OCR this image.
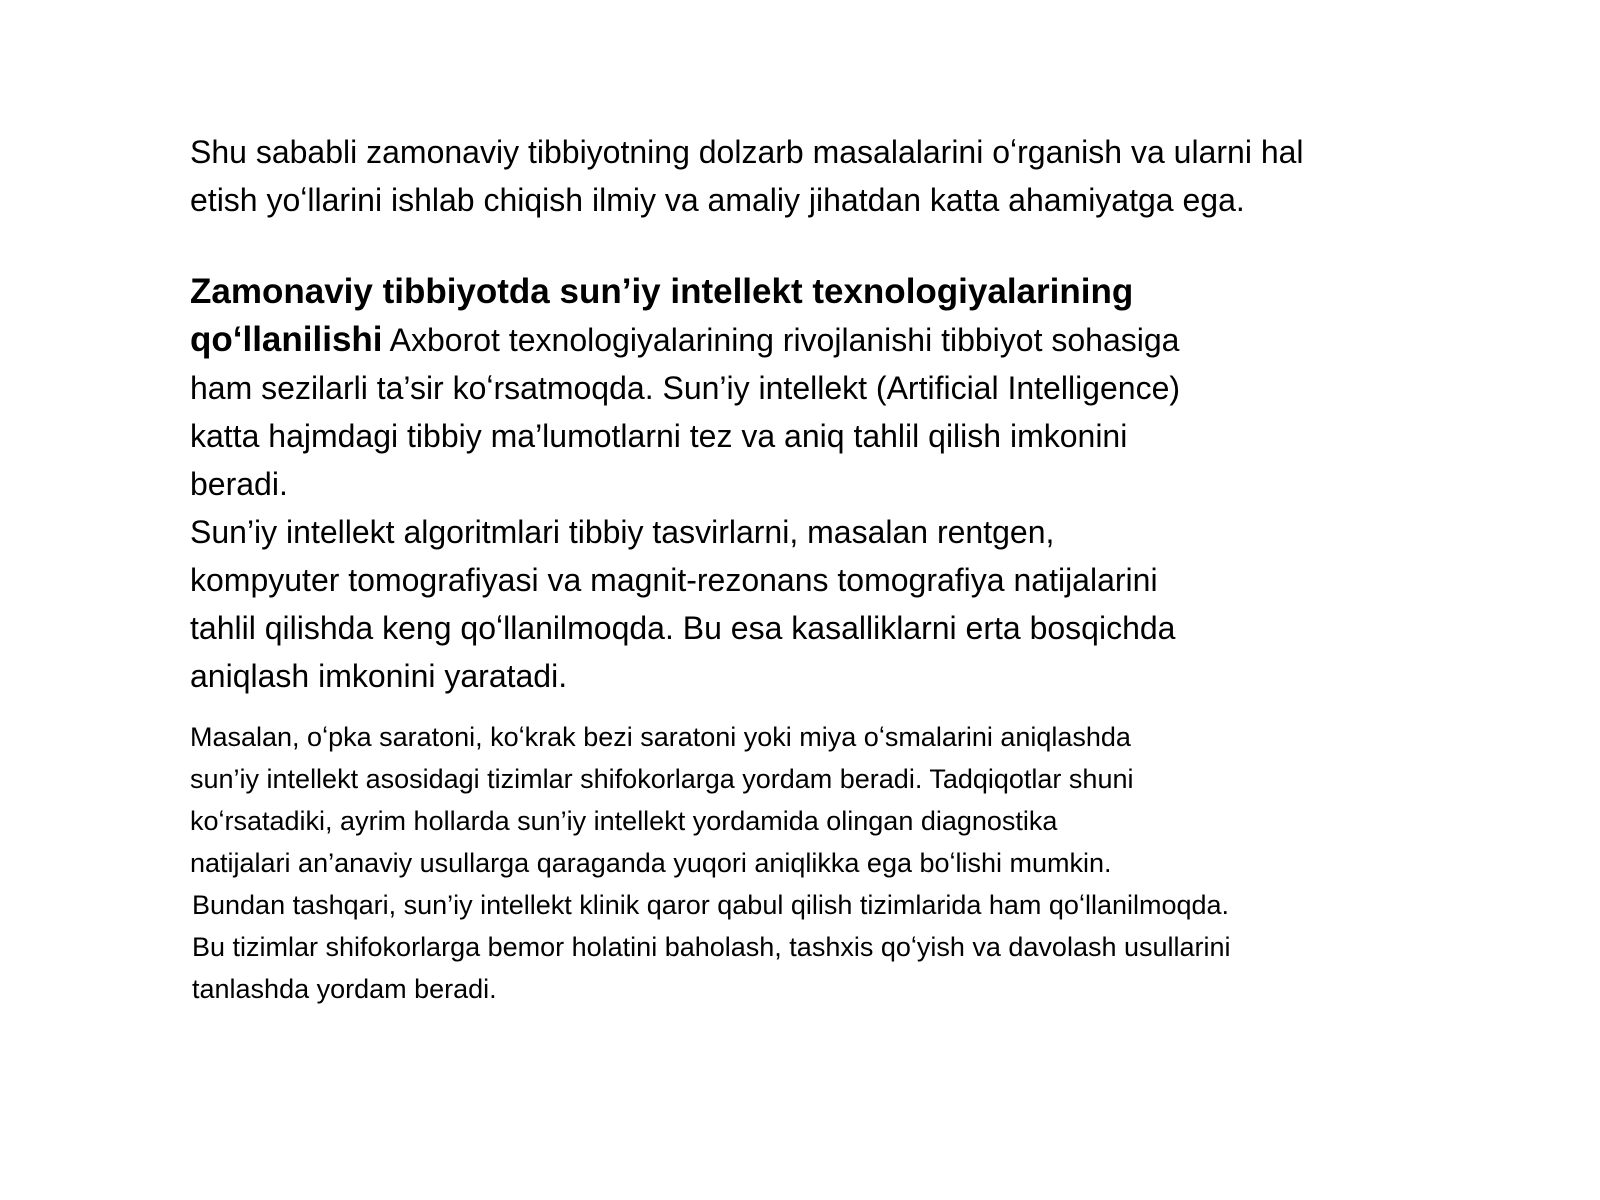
Shu sababli zamonaviy tibbiyotning dolzarb masalalarini oʻrganish va ularni hal
etish yoʻllarini ishlab chiqish ilmiy va amaliy jihatdan katta ahamiyatga ega.
Zamonaviy tibbiyotda sun’iy intellekt texnologiyalarining
qoʻllanilishi Axborot texnologiyalarining rivojlanishi tibbiyot sohasiga
ham sezilarli ta’sir koʻrsatmoqda. Sun’iy intellekt (Artificial Intelligence)
katta hajmdagi tibbiy ma’lumotlarni tez va aniq tahlil qilish imkonini
beradi.
Sun’iy intellekt algoritmlari tibbiy tasvirlarni, masalan rentgen,
kompyuter tomografiyasi va magnit-rezonans tomografiya natijalarini
tahlil qilishda keng qoʻllanilmoqda. Bu esa kasalliklarni erta bosqichda
aniqlash imkonini yaratadi.
Masalan, oʻpka saratoni, koʻkrak bezi saratoni yoki miya oʻsmalarini aniqlashda
sun’iy intellekt asosidagi tizimlar shifokorlarga yordam beradi. Tadqiqotlar shuni
koʻrsatadiki, ayrim hollarda sun’iy intellekt yordamida olingan diagnostika
natijalari an’anaviy usullarga qaraganda yuqori aniqlikka ega boʻlishi mumkin.
Bundan tashqari, sun’iy intellekt klinik qaror qabul qilish tizimlarida ham qoʻllanilmoqda.
Bu tizimlar shifokorlarga bemor holatini baholash, tashxis qoʻyish va davolash usullarini
tanlashda yordam beradi.
